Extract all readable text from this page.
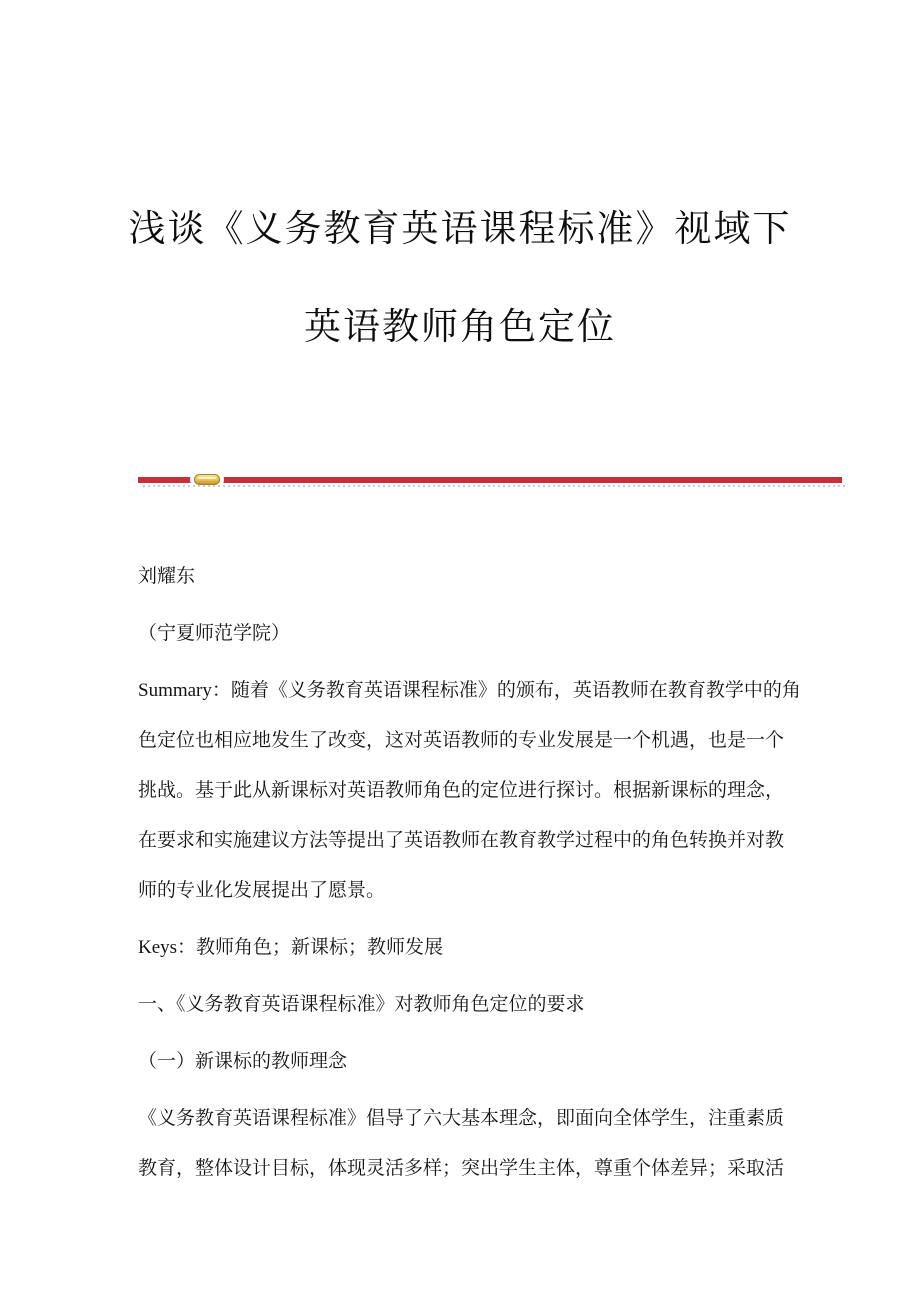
浅谈《义务教育英语课程标准》视域下
英语教师角色定位

刘耀东

（宁夏师范学院）

Summary：随着《义务教育英语课程标准》的颁布，英语教师在教育教学中的角
色定位也相应地发生了改变，这对英语教师的专业发展是一个机遇，也是一个
挑战。基于此从新课标对英语教师角色的定位进行探讨。根据新课标的理念，
在要求和实施建议方法等提出了英语教师在教育教学过程中的角色转换并对教
师的专业化发展提出了愿景。

Keys：教师角色；新课标；教师发展

一、《义务教育英语课程标准》对教师角色定位的要求

（一）新课标的教师理念

《义务教育英语课程标准》倡导了六大基本理念，即面向全体学生，注重素质
教育，整体设计目标，体现灵活多样；突出学生主体，尊重个体差异；采取活
